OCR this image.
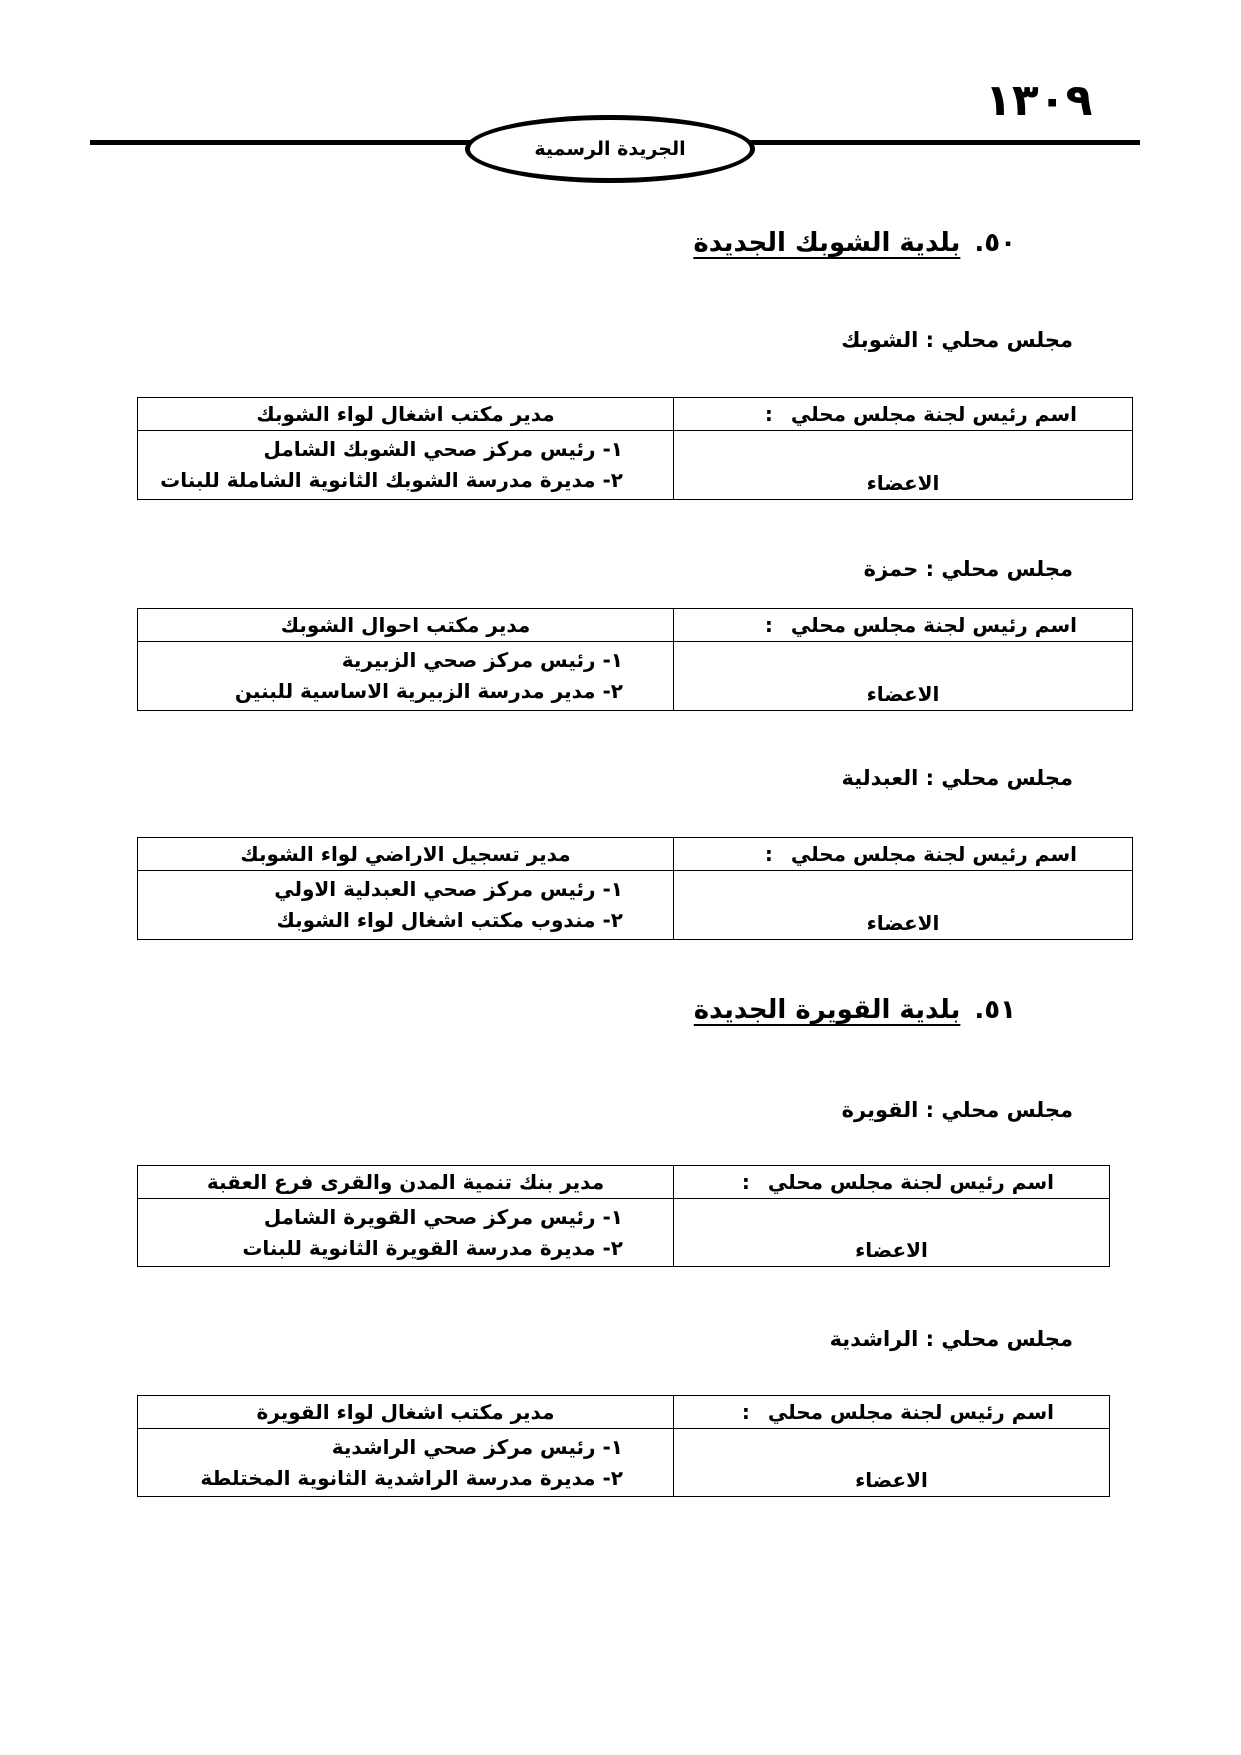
١٣٠٩
الجريدة الرسمية
٥٠.بلدية الشوبك الجديدة
مجلس محلي : الشوبك
اسم رئيس لجنة مجلس محلي:	مدير مكتب اشغال لواء الشوبك
الاعضاء	١- رئيس مركز صحي الشوبك الشامل
٢- مديرة مدرسة الشوبك الثانوية الشاملة للبنات
مجلس محلي : حمزة
اسم رئيس لجنة مجلس محلي:	مدير مكتب احوال الشوبك
الاعضاء	١- رئيس مركز صحي الزبيرية
٢- مدير مدرسة الزبيرية الاساسية للبنين
مجلس محلي : العبدلية
اسم رئيس لجنة مجلس محلي:	مدير تسجيل الاراضي لواء الشوبك
الاعضاء	١- رئيس مركز صحي العبدلية الاولي
٢- مندوب مكتب اشغال لواء الشوبك
٥١.بلدية القويرة الجديدة
مجلس محلي : القويرة
اسم رئيس لجنة مجلس محلي:	مدير بنك تنمية المدن والقرى فرع العقبة
الاعضاء	١- رئيس مركز صحي القويرة الشامل
٢- مديرة مدرسة القويرة الثانوية للبنات
مجلس محلي : الراشدية
اسم رئيس لجنة مجلس محلي:	مدير مكتب اشغال لواء القويرة
الاعضاء	١- رئيس مركز صحي الراشدية
٢- مديرة مدرسة الراشدية الثانوية المختلطة
